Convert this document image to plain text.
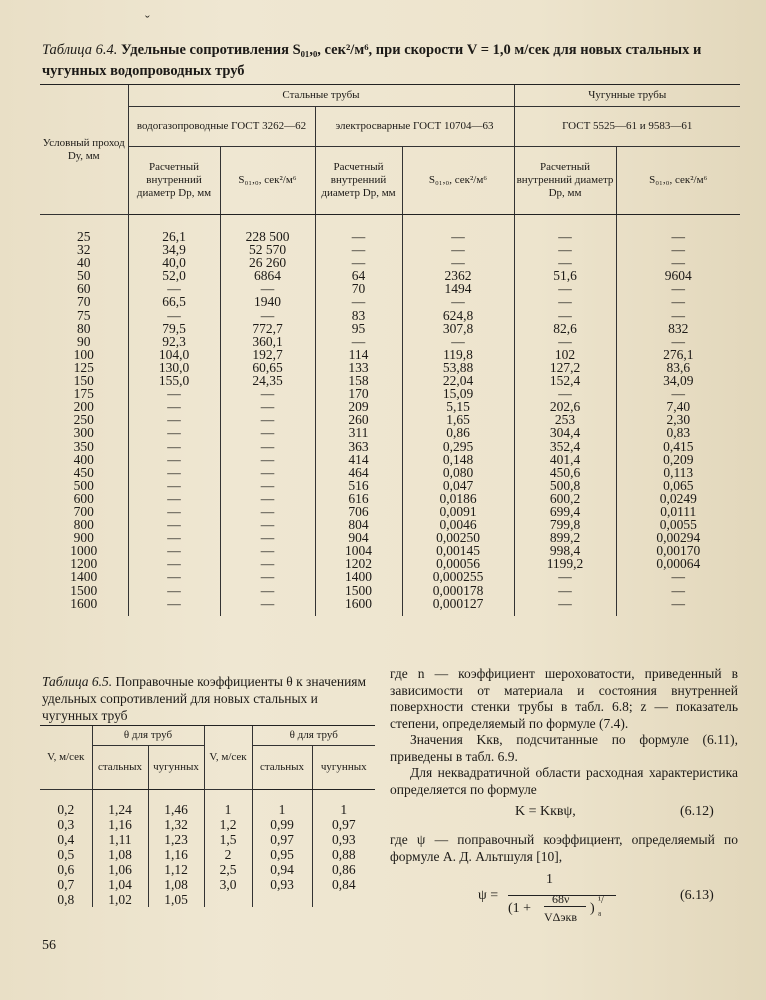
ˇ
Таблица 6.4. Удельные сопротивления S₀₁,₀, сек²/м⁶, при скорости V = 1,0 м/сек для новых стальных и чугунных водопроводных труб
Условный проход Dу, мм	Стальные трубы				Чугунные трубы	
	водогазопроводные ГОСТ 3262—62		электросварные ГОСТ 10704—63		ГОСТ 5525—61 и 9583—61	
	Расчетный внутренний диаметр Dр, мм	S₀₁,₀, сек²/м⁶	Расчетный внутренний диаметр Dр, мм	S₀₁,₀, сек²/м⁶	Расчетный внутренний диаметр Dр, мм	S₀₁,₀, сек²/м⁶
25	26,1	228 500	—	—	—	—
32	34,9	52 570	—	—	—	—
40	40,0	26 260	—	—	—	—
50	52,0	6864	64	2362	51,6	9604
60	—	—	70	1494	—	—
70	66,5	1940	—	—	—	—
75	—	—	83	624,8	—	—
80	79,5	772,7	95	307,8	82,6	832
90	92,3	360,1	—	—	—	—
100	104,0	192,7	114	119,8	102	276,1
125	130,0	60,65	133	53,88	127,2	83,6
150	155,0	24,35	158	22,04	152,4	34,09
175	—	—	170	15,09	—	—
200	—	—	209	5,15	202,6	7,40
250	—	—	260	1,65	253	2,30
300	—	—	311	0,86	304,4	0,83
350	—	—	363	0,295	352,4	0,415
400	—	—	414	0,148	401,4	0,209
450	—	—	464	0,080	450,6	0,113
500	—	—	516	0,047	500,8	0,065
600	—	—	616	0,0186	600,2	0,0249
700	—	—	706	0,0091	699,4	0,0111
800	—	—	804	0,0046	799,8	0,0055
900	—	—	904	0,00250	899,2	0,00294
1000	—	—	1004	0,00145	998,4	0,00170
1200	—	—	1202	0,00056	1199,2	0,00064
1400	—	—	1400	0,000255	—	—
1500	—	—	1500	0,000178	—	—
1600	—	—	1600	0,000127	—	—
Таблица 6.5. Поправочные коэффициенты θ к значениям удельных сопротивлений для новых стальных и чугунных труб
V, м/сек	θ для труб		V, м/сек	θ для труб	
	стальных	чугунных		стальных	чугунных
0,2	1,24	1,46	1	1	1
0,3	1,16	1,32	1,2	0,99	0,97
0,4	1,11	1,23	1,5	0,97	0,93
0,5	1,08	1,16	2	0,95	0,88
0,6	1,06	1,12	2,5	0,94	0,86
0,7	1,04	1,08	3,0	0,93	0,84
0,8	1,02	1,05			

где n — коэффициент шероховатости, приведенный в зависимости от материала и состояния внутренней поверхности стенки трубы в табл. 6.8; z — показатель степени, определяемый по формуле (7.4).

Значения Kкв, подсчитанные по формуле (6.11), приведены в табл. 6.9.

Для неквадратичной области расходная характеристика определяется по формуле

K = Kквψ,	(6.12)

где ψ — поправочный коэффициент, определяемый по формуле А. Д. Альтшуля [10],

ψ =
1
(1 +
68ν
VΔэкв
)
¹/₈
(6.13)
56
